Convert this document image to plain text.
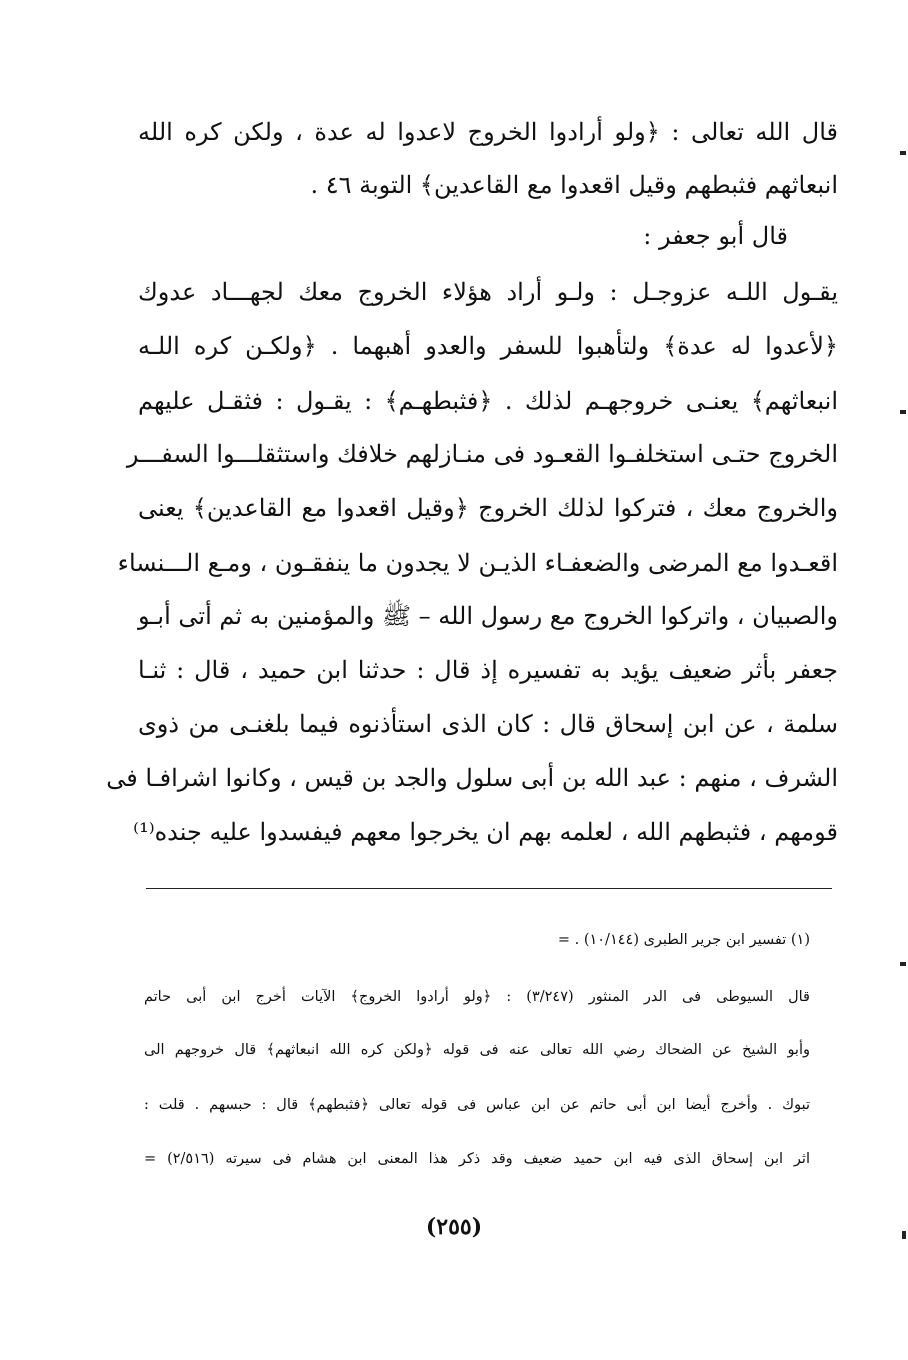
قال الله تعالى : ﴿ولو أرادوا الخروج لاعدوا له عدة ، ولكن كره الله

انبعاثهم فثبطهم وقيل اقعدوا مع القاعدين﴾ التوبة ٤٦ .

قال أبو جعفر :

يقـول اللـه عزوجـل : ولـو أراد هؤلاء الخروج معك لجهـــاد عدوك

﴿لأعدوا له عدة﴾ ولتأهبوا للسفر والعدو أهبهما . ﴿ولكـن كره اللـه

انبعاثهم﴾ يعنـى خروجهـم لذلك . ﴿فثبطهـم﴾ : يقـول : فثقـل عليهم

الخروج حتـى استخلفـوا القعـود فى منـازلهم خلافك واستثقلـــوا السفـــر

والخروج معك ، فتركوا لذلك الخروج ﴿وقيل اقعدوا مع القاعدين﴾ يعنى

اقعـدوا مع المرضى والضعفـاء الذيـن لا يجدون ما ينفقـون ، ومـع الـــنساء

والصبيان ، واتركوا الخروج مع رسول الله – ﷺ والمؤمنين به ثم أتى أبـو

جعفر بأثر ضعيف يؤيد به تفسيره إذ قال : حدثنا ابن حميد ، قال : ثنـا

سلمة ، عن ابن إسحاق قال : كان الذى استأذنوه فيما بلغنـى من ذوى

الشرف ، منهم : عبد الله بن أبى سلول والجد بن قيس ، وكانوا اشرافـا فى

قومهم ، فثبطهم الله ، لعلمه بهم ان يخرجوا معهم فيفسدوا عليه جنده⁽¹⁾

(١) تفسير ابن جرير الطبرى (١٠/١٤٤) . =

قال السيوطى فى الدر المنثور (٣/٢٤٧) : ﴿ولو أرادوا الخروج﴾ الآيات أخرج ابن أبى حاتم

وأبو الشيخ عن الضحاك رضي الله تعالى عنه فى قوله ﴿ولكن كره الله انبعاثهم﴾ قال خروجهم الى

تبوك . وأخرج أيضا ابن أبى حاتم عن ابن عباس فى قوله تعالى ﴿فثبطهم﴾ قال : حبسهم . قلت :

اثر ابن إسحاق الذى فيه ابن حميد ضعيف وقد ذكر هذا المعنى ابن هشام فى سيرته (٢/٥١٦) =

(٢٥٥)
